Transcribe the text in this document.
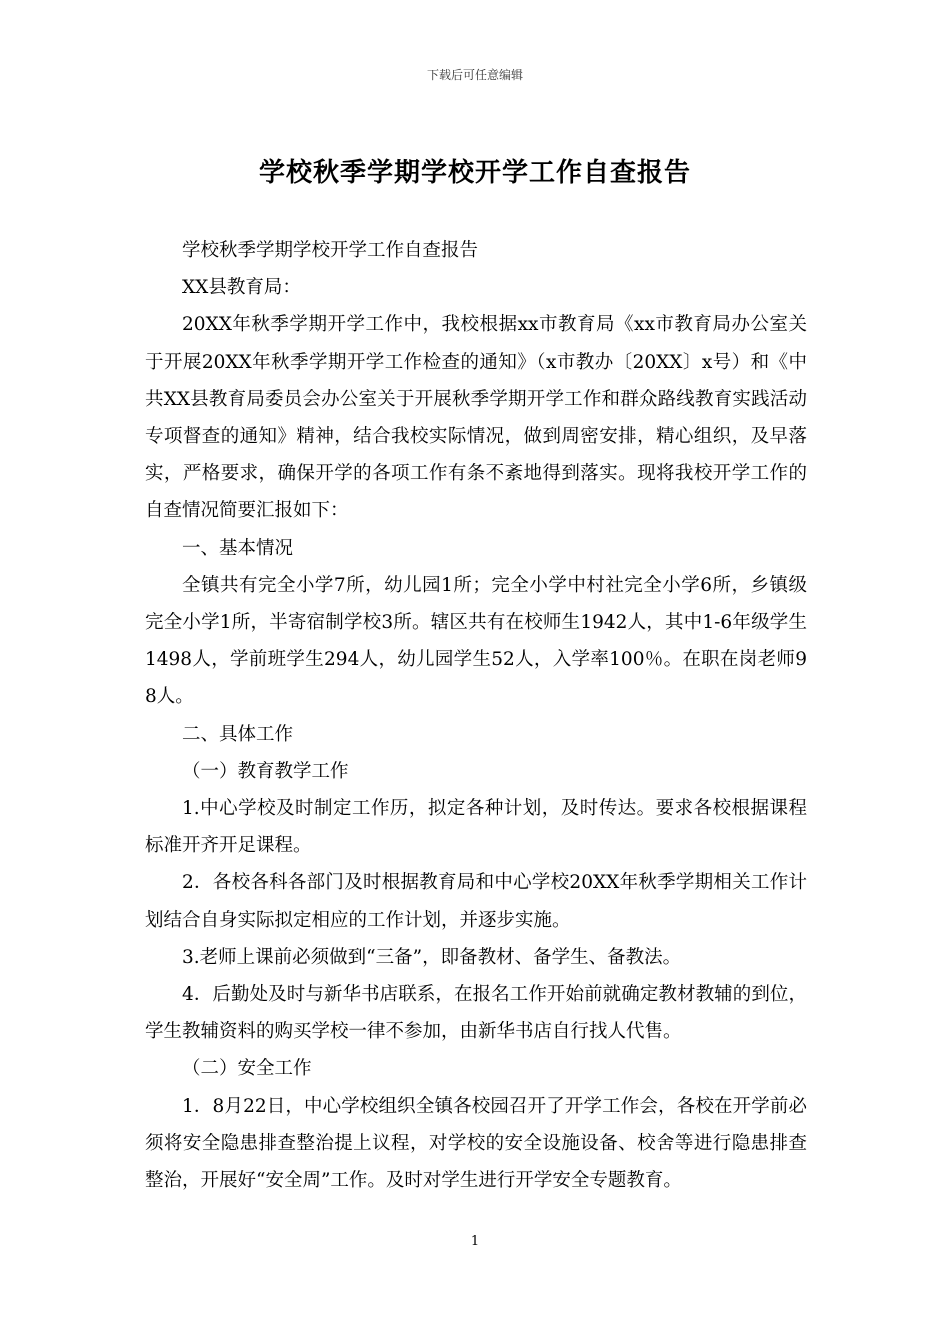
下载后可任意编辑
学校秋季学期学校开学工作自查报告

学校秋季学期学校开学工作自查报告

XX县教育局：

20XX年秋季学期开学工作中，我校根据xx市教育局《xx市教育局办公室关于开展20XX年秋季学期开学工作检查的通知》（x市教办〔20XX〕x号）和《中共XX县教育局委员会办公室关于开展秋季学期开学工作和群众路线教育实践活动专项督查的通知》精神，结合我校实际情况，做到周密安排，精心组织，及早落实，严格要求，确保开学的各项工作有条不紊地得到落实。现将我校开学工作的自查情况简要汇报如下：

一、基本情况

全镇共有完全小学7所，幼儿园1所；完全小学中村社完全小学6所，乡镇级完全小学1所，半寄宿制学校3所。辖区共有在校师生1942人，其中1-6年级学生1498人，学前班学生294人，幼儿园学生52人，入学率100％。在职在岗老师98人。

二、具体工作

（一）教育教学工作

1.中心学校及时制定工作历，拟定各种计划，及时传达。要求各校根据课程标准开齐开足课程。

2．各校各科各部门及时根据教育局和中心学校20XX年秋季学期相关工作计划结合自身实际拟定相应的工作计划，并逐步实施。

3.老师上课前必须做到“三备”，即备教材、备学生、备教法。

4．后勤处及时与新华书店联系，在报名工作开始前就确定教材教辅的到位，学生教辅资料的购买学校一律不参加，由新华书店自行找人代售。

（二）安全工作

1．8月22日，中心学校组织全镇各校园召开了开学工作会，各校在开学前必须将安全隐患排查整治提上议程，对学校的安全设施设备、校舍等进行隐患排查整治，开展好“安全周”工作。及时对学生进行开学安全专题教育。

1
